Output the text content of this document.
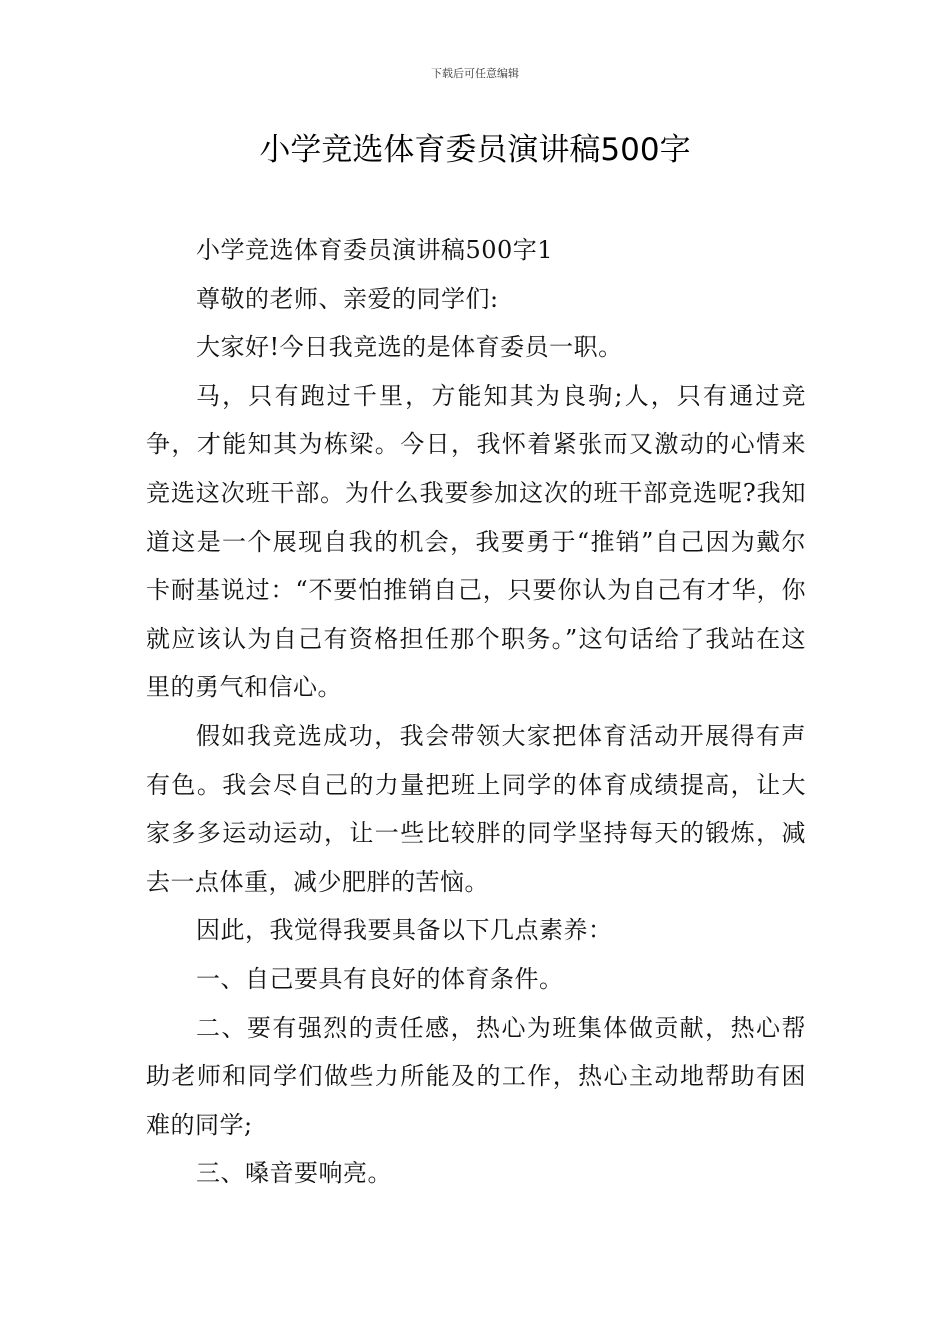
下载后可任意编辑
小学竞选体育委员演讲稿500字

小学竞选体育委员演讲稿500字1

尊敬的老师、亲爱的同学们:

大家好!今日我竞选的是体育委员一职。

马，只有跑过千里，方能知其为良驹;人，只有通过竞争，才能知其为栋梁。今日，我怀着紧张而又激动的心情来竞选这次班干部。为什么我要参加这次的班干部竞选呢?我知道这是一个展现自我的机会，我要勇于“推销”自己因为戴尔卡耐基说过：“不要怕推销自己，只要你认为自己有才华，你就应该认为自己有资格担任那个职务。”这句话给了我站在这里的勇气和信心。

假如我竞选成功，我会带领大家把体育活动开展得有声有色。我会尽自己的力量把班上同学的体育成绩提高，让大家多多运动运动，让一些比较胖的同学坚持每天的锻炼，减去一点体重，减少肥胖的苦恼。

因此，我觉得我要具备以下几点素养：

一、自己要具有良好的体育条件。

二、要有强烈的责任感，热心为班集体做贡献，热心帮助老师和同学们做些力所能及的工作，热心主动地帮助有困难的同学;

三、嗓音要响亮。
